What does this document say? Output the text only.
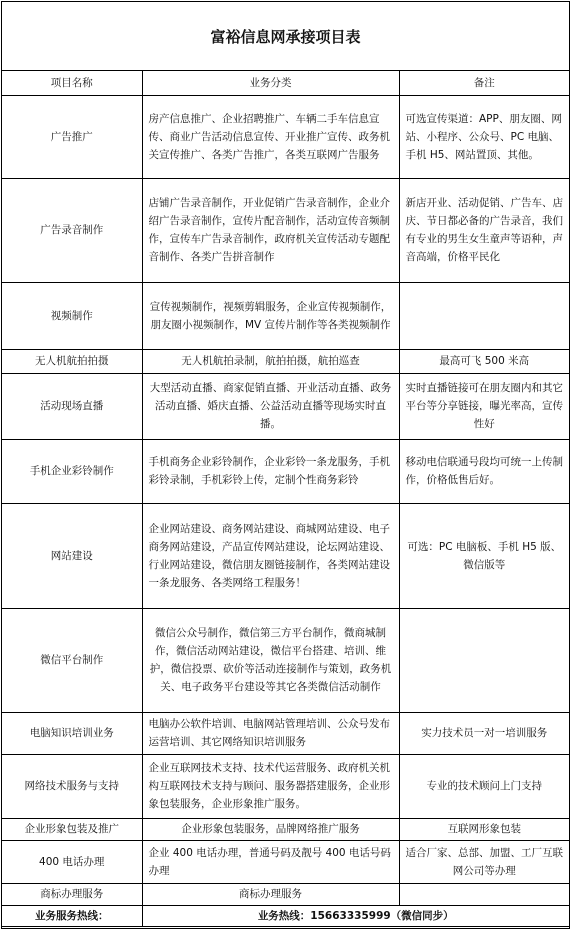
富裕信息网承接项目表
项目名称	业务分类	备注
广告推广	房产信息推广、企业招聘推广、车辆二手车信息宣传、商业广告活动信息宣传、开业推广宣传、政务机关宣传推广、各类广告推广，各类互联网广告服务	可选宣传渠道：APP、朋友圈、网站、小程序、公众号、PC 电脑、手机 H5、网站置顶、其他。
广告录音制作	店铺广告录音制作，开业促销广告录音制作，企业介绍广告录音制作，宣传片配音制作，活动宣传音频制作，宣传车广告录音制作，政府机关宣传活动专题配音制作、各类广告拼音制作	新店开业、活动促销、广告车、店庆、节日都必备的广告录音，我们有专业的男生女生童声等语种，声音高端，价格平民化
视频制作	宣传视频制作，视频剪辑服务，企业宣传视频制作，朋友圈小视频制作，MV 宣传片制作等各类视频制作	
无人机航拍拍摄	无人机航拍录制，航拍拍摄，航拍巡查	最高可飞 500 米高
活动现场直播	大型活动直播、商家促销直播、开业活动直播、政务活动直播、婚庆直播、公益活动直播等现场实时直播。	实时直播链接可在朋友圈内和其它平台等分享链接，曝光率高，宣传性好
手机企业彩铃制作	手机商务企业彩铃制作，企业彩铃一条龙服务，手机彩铃录制，手机彩铃上传，定制个性商务彩铃	移动电信联通号段均可统一上传制作，价格低售后好。
网站建设	企业网站建设、商务网站建设、商城网站建设、电子商务网站建设，产品宣传网站建设，论坛网站建设、行业网站建设，微信朋友圈链接制作，各类网站建设一条龙服务、各类网络工程服务！	可选：PC 电脑板、手机 H5 版、微信版等
微信平台制作	微信公众号制作，微信第三方平台制作，微商城制作，微信活动网站建设，微信平台搭建、培训、维护，微信投票、砍价等活动连接制作与策划，政务机关、电子政务平台建设等其它各类微信活动制作	
电脑知识培训业务	电脑办公软件培训、电脑网站管理培训、公众号发布运营培训、其它网络知识培训服务	实力技术员一对一培训服务
网络技术服务与支持	企业互联网技术支持、技术代运营服务、政府机关机构互联网技术支持与顾问、服务器搭建服务，企业形象包装服务，企业形象推广服务。	专业的技术顾问上门支持
企业形象包装及推广	企业形象包装服务，品牌网络推广服务	互联网形象包装
400 电话办理	企业 400 电话办理，普通号码及靓号 400 电话号码办理	适合厂家、总部、加盟、工厂互联网公司等办理
商标办理服务	商标办理服务	
业务服务热线：	业务热线：15663335999（微信同步）	
